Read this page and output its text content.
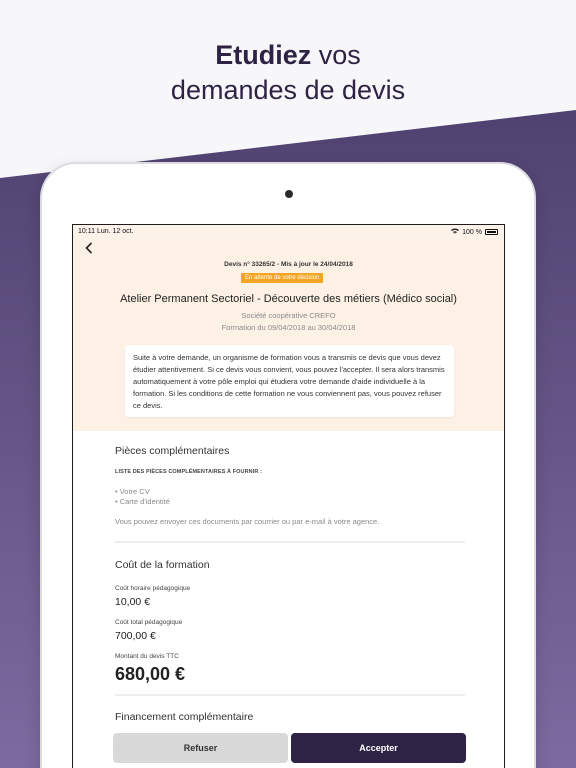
Etudiez vos
demandes de devis
10:11 Lun. 12 oct.	100 %
Devis n° 33265/2 - Mis à jour le 24/04/2018
En attente de votre décision
Atelier Permanent Sectoriel - Découverte des métiers (Médico social)
Société coopérative CREFO
Formation du 09/04/2018 au 30/04/2018
Suite à votre demande, un organisme de formation vous a transmis ce devis que vous devez étudier attentivement. Si ce devis vous convient, vous pouvez l'accepter. Il sera alors transmis automatiquement à votre pôle emploi qui étudiera votre demande d'aide individuelle à la formation. Si les conditions de cette formation ne vous conviennent pas, vous pouvez refuser ce devis.
Pièces complémentaires
LISTE DES PIÈCES COMPLÉMENTAIRES À FOURNIR :
• Votre CV
• Carte d'identité
Vous pouvez envoyer ces documents par courrier ou par e-mail à votre agence.
Coût de la formation
Coût horaire pédagogique
10,00 €
Coût total pédagogique
700,00 €
Montant du devis TTC
680,00 €
Financement complémentaire
Refuser	Accepter
